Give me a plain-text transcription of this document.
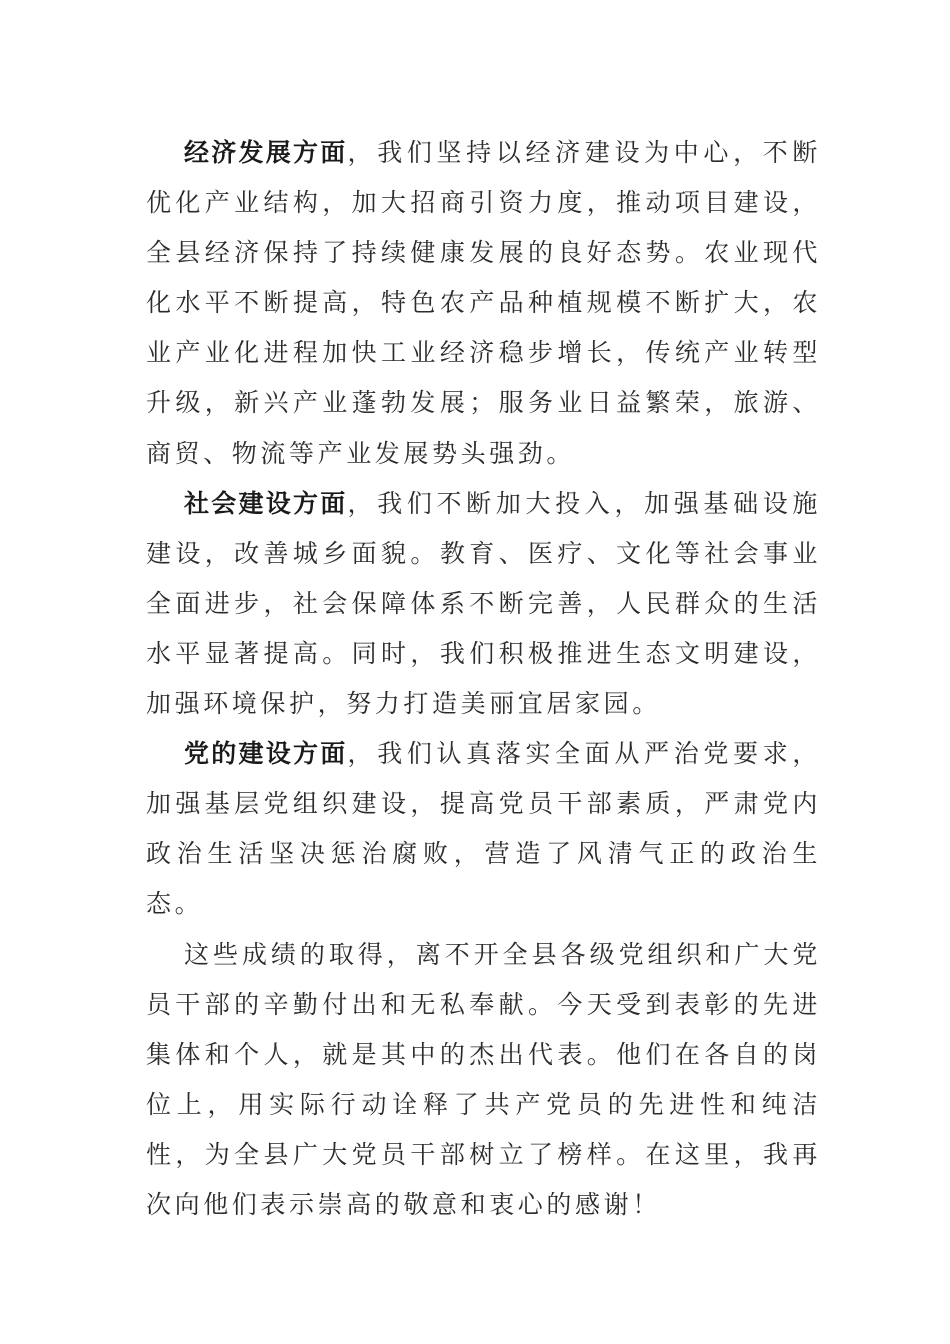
经济发展方面，我们坚持以经济建设为中心，不断优化产业结构，加大招商引资力度，推动项目建设，全县经济保持了持续健康发展的良好态势。农业现代化水平不断提高，特色农产品种植规模不断扩大，农业产业化进程加快工业经济稳步增长，传统产业转型升级，新兴产业蓬勃发展；服务业日益繁荣，旅游、商贸、物流等产业发展势头强劲。

社会建设方面，我们不断加大投入，加强基础设施建设，改善城乡面貌。教育、医疗、文化等社会事业全面进步，社会保障体系不断完善，人民群众的生活水平显著提高。同时，我们积极推进生态文明建设，加强环境保护，努力打造美丽宜居家园。

党的建设方面，我们认真落实全面从严治党要求，加强基层党组织建设，提高党员干部素质，严肃党内政治生活坚决惩治腐败，营造了风清气正的政治生态。

这些成绩的取得，离不开全县各级党组织和广大党员干部的辛勤付出和无私奉献。今天受到表彰的先进集体和个人，就是其中的杰出代表。他们在各自的岗位上，用实际行动诠释了共产党员的先进性和纯洁性，为全县广大党员干部树立了榜样。在这里，我再次向他们表示崇高的敬意和衷心的感谢！
